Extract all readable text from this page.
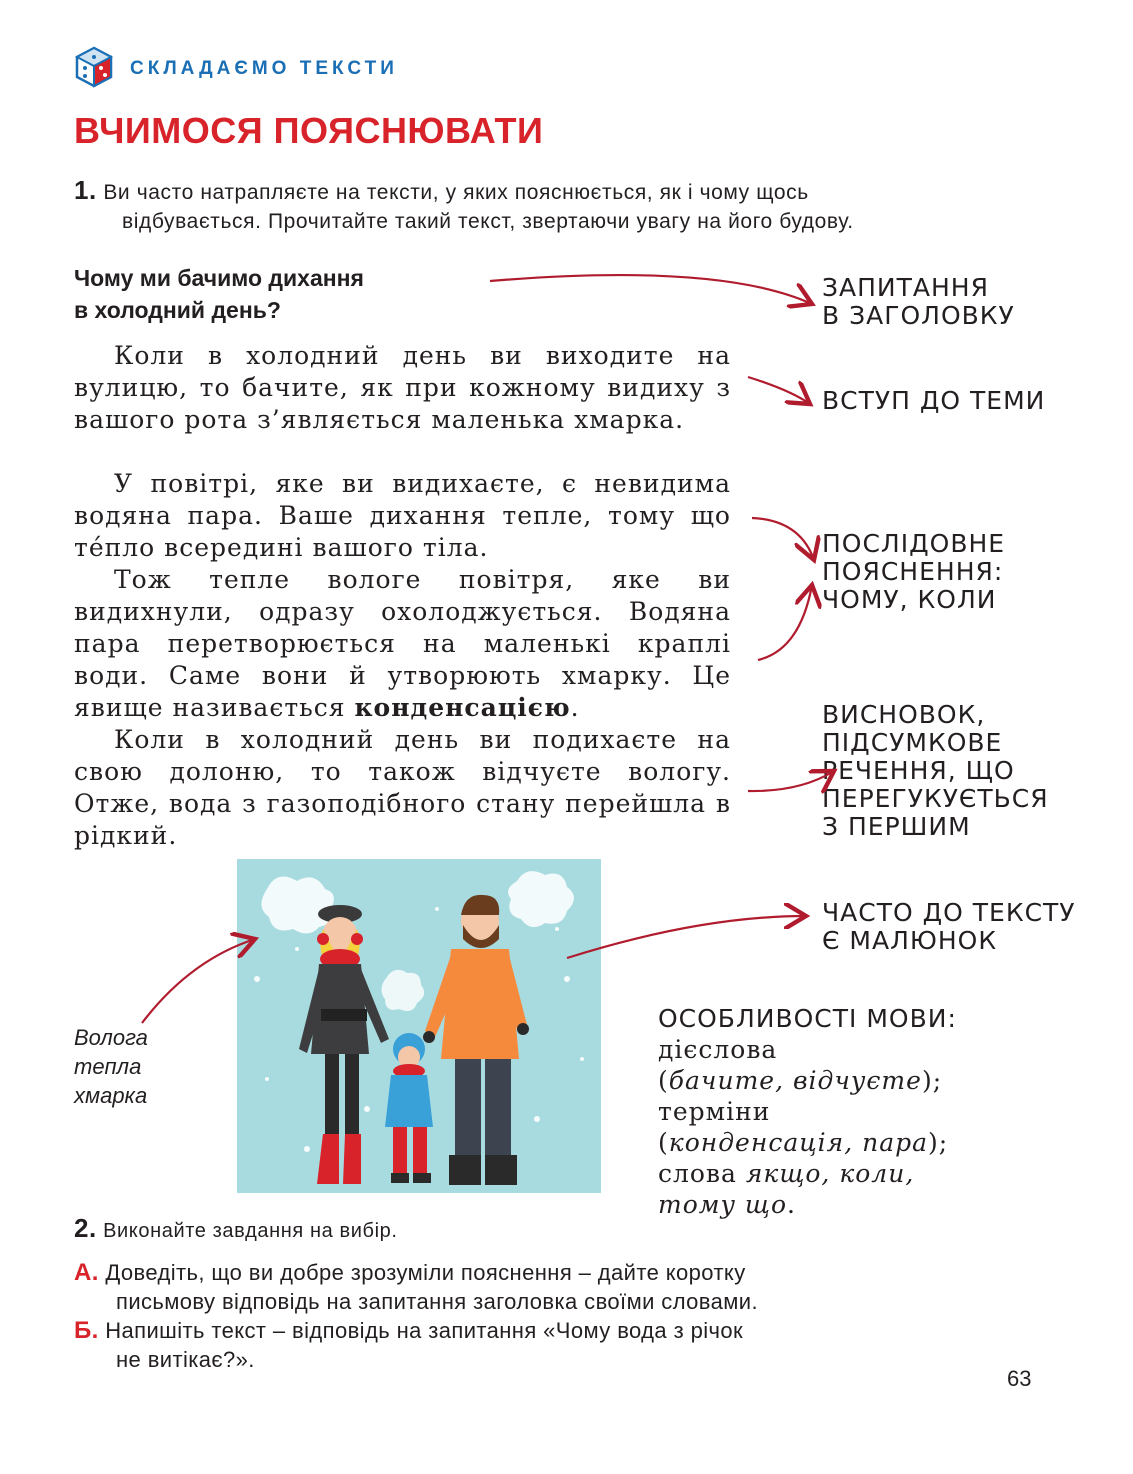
СКЛАДАЄМО ТЕКСТИ
ВЧИМОСЯ ПОЯСНЮВАТИ
1. Ви часто натрапляєте на тексти, у яких пояснюється, як і чому щось
відбувається. Прочитайте такий текст, звертаючи увагу на його будову.
Чому ми бачимо дихання
в холодний день?
Коли в холодний день ви виходите на вулицю, то бачите, як при кожному видиху з вашого рота з’являється маленька хмарка.
У повітрі, яке ви видихаєте, є невидима водяна пара. Ваше дихання тепле, тому що те́пло всередині вашого тіла.
Тож тепле вологе повітря, яке ви видихнули, одразу охолоджується. Водяна пара перетворюється на маленькі краплі води. Саме вони й утворюють хмарку. Це явище називається конденсацією.
Коли в холодний день ви подихаєте на свою долоню, то також відчуєте вологу. Отже, вода з газоподібного стану перейшла в рідкий.
ЗАПИТАННЯ
В ЗАГОЛОВКУ
ВСТУП ДО ТЕМИ
ПОСЛІДОВНЕ
ПОЯСНЕННЯ:
ЧОМУ, КОЛИ
ВИСНОВОК,
ПІДСУМКОВЕ
РЕЧЕННЯ, ЩО
ПЕРЕГУКУЄТЬСЯ
З ПЕРШИМ
ЧАСТО ДО ТЕКСТУ
Є МАЛЮНОК
Волога
тепла
хмарка
ОСОБЛИВОСТІ МОВИ:
дієслова
(бачите, відчуєте);
терміни
(конденсація, пара);
слова якщо, коли,
тому що.
2. Виконайте завдання на вибір.
А. Доведіть, що ви добре зрозуміли пояснення – дайте коротку
письмову відповідь на запитання заголовка своїми словами.
Б. Напишіть текст – відповідь на запитання «Чому вода з річок
не витікає?».
63
